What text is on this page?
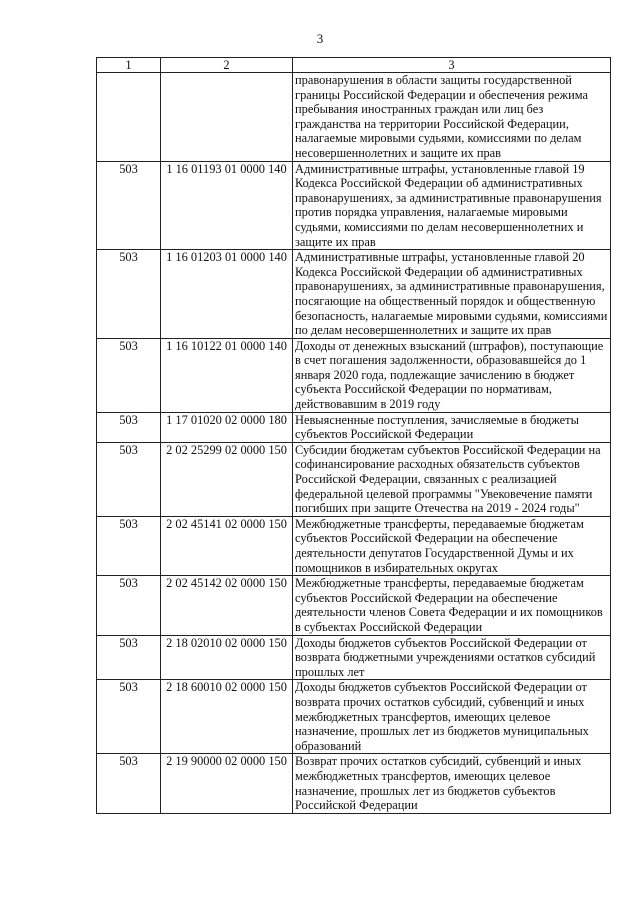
3
1	2	3
		правонарушения в области защиты государственной границы Российской Федерации и обеспечения режима пребывания иностранных граждан или лиц без гражданства на территории Российской Федерации, налагаемые мировыми судьями, комиссиями по делам несовершеннолетних и защите их прав
503	1 16 01193 01 0000 140	Административные штрафы, установленные главой 19 Кодекса Российской Федерации об административных правонарушениях, за административные правонарушения против порядка управления, налагаемые мировыми судьями, комиссиями по делам несовершеннолетних и защите их прав
503	1 16 01203 01 0000 140	Административные штрафы, установленные главой 20 Кодекса Российской Федерации об административных правонарушениях, за административные правонарушения, посягающие на общественный порядок и общественную безопасность, налагаемые мировыми судьями, комиссиями по делам несовершеннолетних и защите их прав
503	1 16 10122 01 0000 140	Доходы от денежных взысканий (штрафов), поступающие в счет погашения задолженности, образовавшейся до 1 января 2020 года, подлежащие зачислению в бюджет субъекта Российской Федерации по нормативам, действовавшим в 2019 году
503	1 17 01020 02 0000 180	Невыясненные поступления, зачисляемые в бюджеты субъектов Российской Федерации
503	2 02 25299 02 0000 150	Субсидии бюджетам субъектов Российской Федерации на софинансирование расходных обязательств субъектов Российской Федерации, связанных с реализацией федеральной целевой программы "Увековечение памяти погибших при защите Отечества на 2019 - 2024 годы"
503	2 02 45141 02 0000 150	Межбюджетные трансферты, передаваемые бюджетам субъектов Российской Федерации на обеспечение деятельности депутатов Государственной Думы и их помощников в избирательных округах
503	2 02 45142 02 0000 150	Межбюджетные трансферты, передаваемые бюджетам субъектов Российской Федерации на обеспечение деятельности членов Совета Федерации и их помощников в субъектах Российской Федерации
503	2 18 02010 02 0000 150	Доходы бюджетов субъектов Российской Федерации от возврата бюджетными учреждениями остатков субсидий прошлых лет
503	2 18 60010 02 0000 150	Доходы бюджетов субъектов Российской Федерации от возврата прочих остатков субсидий, субвенций и иных межбюджетных трансфертов, имеющих целевое назначение, прошлых лет из бюджетов муниципальных образований
503	2 19 90000 02 0000 150	Возврат прочих остатков субсидий, субвенций и иных межбюджетных трансфертов, имеющих целевое назначение, прошлых лет из бюджетов субъектов Российской Федерации
